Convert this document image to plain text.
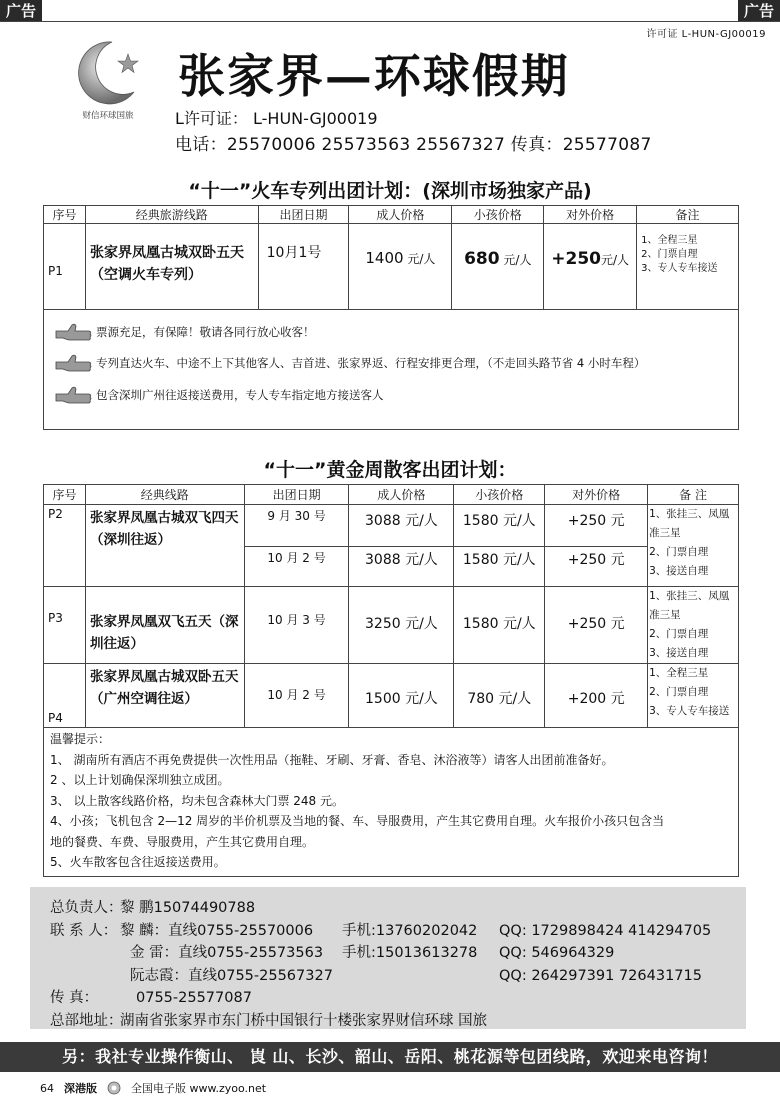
广告	广告
许可证 L-HUN-GJ00019
财信环球国旅
张家界—环球假期
L许可证： L-HUN-GJ00019
电话：25570006 25573563 25567327 传真：25577087
“十一”火车专列出团计划：(深圳市场独家产品)
序号	经典旅游线路	出团日期	成人价格	小孩价格	对外价格	备注
P1	张家界凤凰古城双卧五天（空调火车专列）	10月1号	1400 元/人	680 元/人	+250元/人	1、全程三星
2、门票自理
3、专人专车接送
票源充足，有保障！敬请各同行放心收客！
专列直达火车、中途不上下其他客人、吉首进、张家界返、行程安排更合理，（不走回头路节省 4 小时车程）
包含深圳广州往返接送费用，专人专车指定地方接送客人
“十一”黄金周散客出团计划：
序号	经典线路	出团日期	成人价格	小孩价格	对外价格	备 注
P2	张家界凤凰古城双飞四天（深圳往返）	9 月 30 号	3088 元/人	1580 元/人	+250 元	1、张挂三、凤凰准三星
2、门票自理
3、接送自理

		10 月 2 号	3088 元/人	1580 元/人	+250 元	
P3	张家界凤凰双飞五天（深圳往返）	10 月 3 号	3250 元/人	1580 元/人	+250 元	1、张挂三、凤凰准三星
2、门票自理
3、接送自理

P4	张家界凤凰古城双卧五天（广州空调往返）	10 月 2 号	1500 元/人	780 元/人	+200 元	1、全程三星
2、门票自理
3、专人专车接送
温馨提示：
1、 湖南所有酒店不再免费提供一次性用品（拖鞋、牙刷、牙膏、香皂、沐浴液等）请客人出团前准备好。
2 、以上计划确保深圳独立成团。
3、 以上散客线路价格，均未包含森林大门票 248 元。
4、小孩；飞机包含 2—12 周岁的半价机票及当地的餐、车、导服费用，产生其它费用自理。火车报价小孩只包含当
地的餐费、车费、导服费用，产生其它费用自理。
5、火车散客包含往返接送费用。
总负责人：
黎 鹏15074490788
联 系 人： 黎 麟：直线0755-25570006 手机:13760202042 QQ: 1729898424 414294705
金 雷：直线0755-25573563 手机:15013613278 QQ: 546964329
阮志霞：直线0755-25567327	QQ: 264297391 726431715
传 真：	0755-25577087
总部地址：
湖南省张家界市东门桥中国银行十楼张家界财信环球 国旅
另：我社专业操作衡山、 崀 山、长沙、韶山、岳阳、桃花源等包团线路，欢迎来电咨询！
64 深港版	全国电子版 www.zyoo.net
